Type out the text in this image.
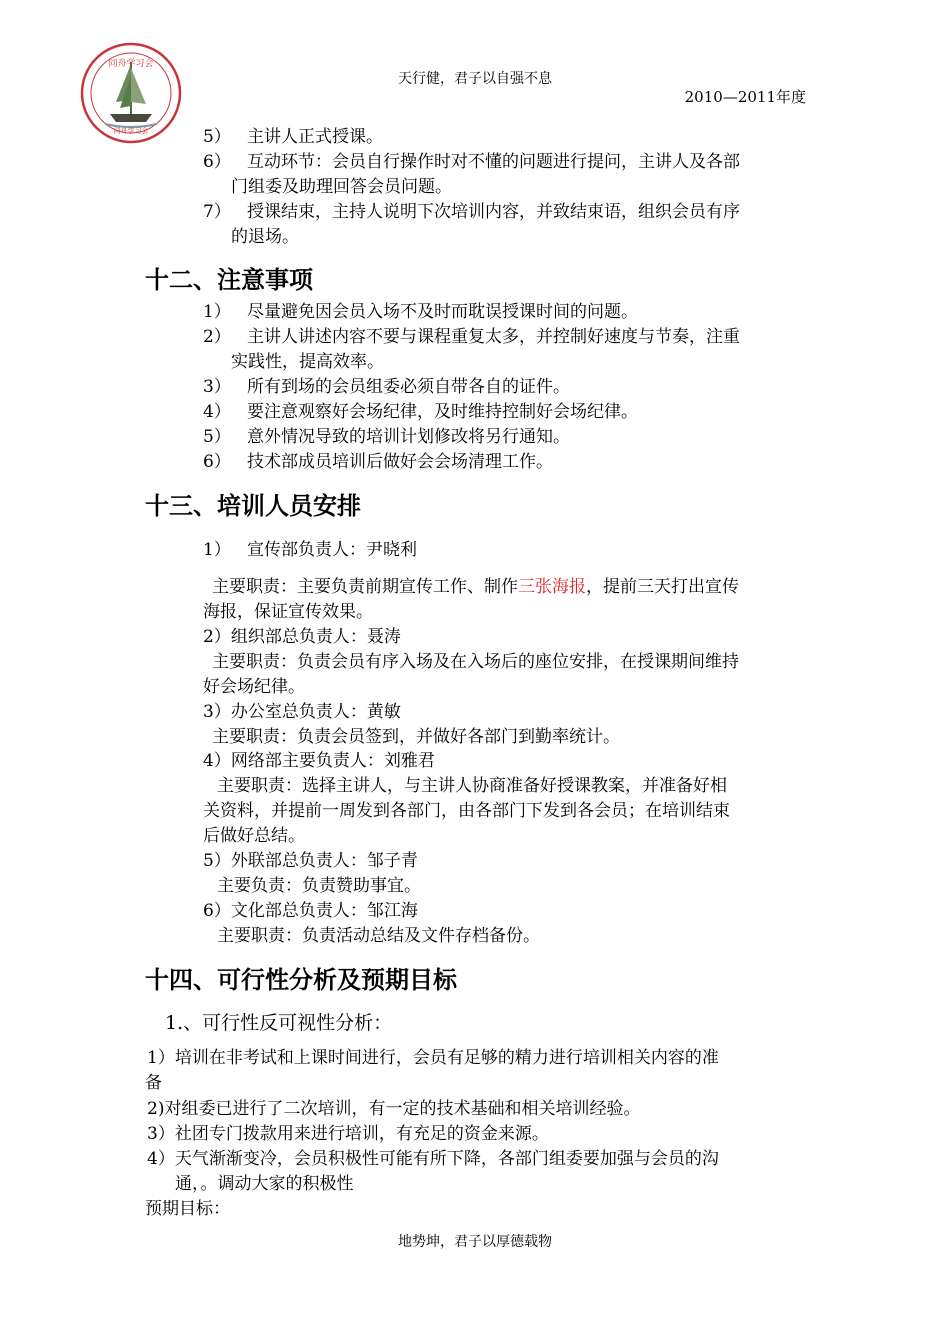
同舟学习会
同舟学习会
天行健，君子以自强不息
2010—2011年度
5） 主讲人正式授课。
6） 互动环节：会员自行操作时对不懂的问题进行提问，主讲人及各部
门组委及助理回答会员问题。
7） 授课结束，主持人说明下次培训内容，并致结束语，组织会员有序
的退场。
十二、注意事项
1） 尽量避免因会员入场不及时而耽误授课时间的问题。
2） 主讲人讲述内容不要与课程重复太多，并控制好速度与节奏，注重
实践性，提高效率。
3） 所有到场的会员组委必须自带各自的证件。
4） 要注意观察好会场纪律，及时维持控制好会场纪律。
5） 意外情况导致的培训计划修改将另行通知。
6） 技术部成员培训后做好会会场清理工作。
十三、培训人员安排
1） 宣传部负责人：尹晓利
主要职责：主要负责前期宣传工作、制作三张海报，提前三天打出宣传
海报，保证宣传效果。
2）组织部总负责人：聂涛
主要职责：负责会员有序入场及在入场后的座位安排，在授课期间维持
好会场纪律。
3）办公室总负责人：黄敏
主要职责：负责会员签到，并做好各部门到勤率统计。
4）网络部主要负责人：刘雅君
主要职责：选择主讲人，与主讲人协商准备好授课教案，并准备好相
关资料，并提前一周发到各部门，由各部门下发到各会员；在培训结束
后做好总结。
5）外联部总负责人：邹子青
主要负责：负责赞助事宜。
6）文化部总负责人：邹江海
主要职责：负责活动总结及文件存档备份。
十四、可行性分析及预期目标
1.、可行性反可视性分析：
1）培训在非考试和上课时间进行，会员有足够的精力进行培训相关内容的准
备
2)对组委已进行了二次培训，有一定的技术基础和相关培训经验。
3）社团专门拨款用来进行培训，有充足的资金来源。
4）天气渐渐变冷，会员积极性可能有所下降，各部门组委要加强与会员的沟
通，。调动大家的积极性
预期目标：
地势坤，君子以厚德载物
